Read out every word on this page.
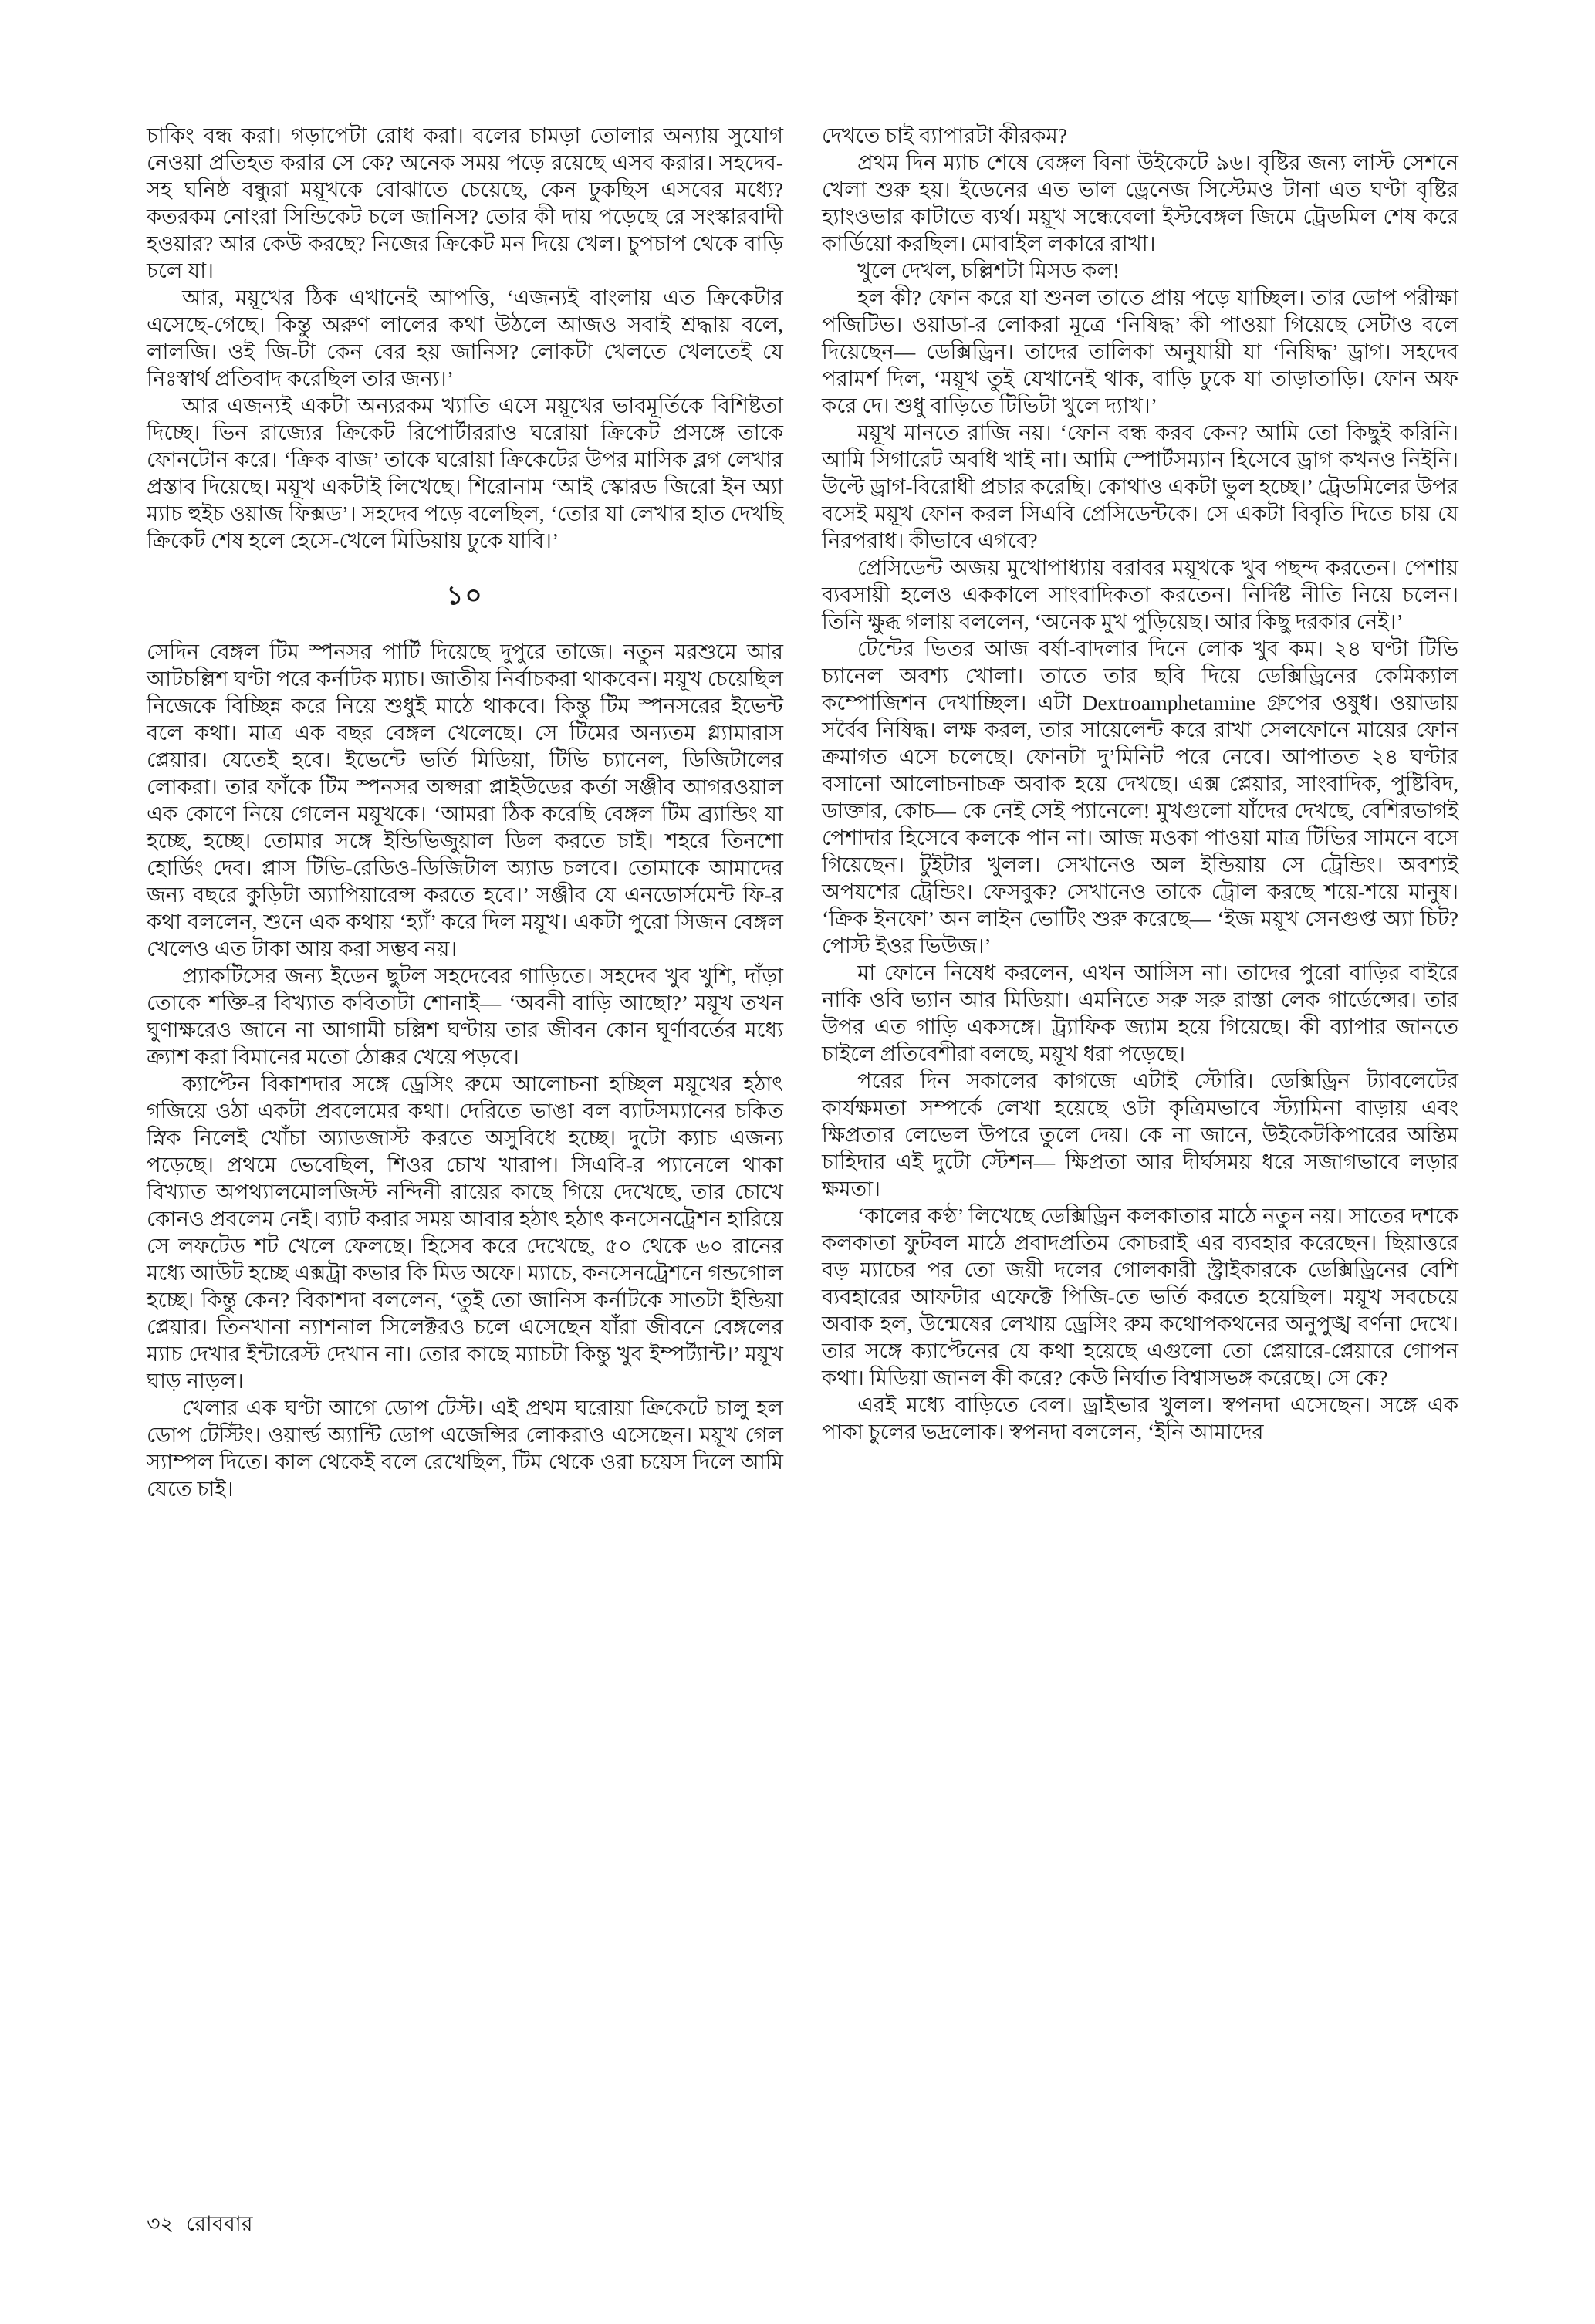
চাকিং বন্ধ করা। গড়াপেটা রোধ করা। বলের চামড়া তোলার অন্যায় সুযোগ নেওয়া প্রতিহত করার সে কে? অনেক সময় পড়ে রয়েছে এসব করার। সহদেব-সহ ঘনিষ্ঠ বন্ধুরা ময়ূখকে বোঝাতে চেয়েছে, কেন ঢুকছিস এসবের মধ্যে? কতরকম নোংরা সিন্ডিকেট চলে জানিস? তোর কী দায় পড়েছে রে সংস্কারবাদী হওয়ার? আর কেউ করছে? নিজের ক্রিকেট মন দিয়ে খেল। চুপচাপ থেকে বাড়ি চলে যা।

আর, ময়ূখের ঠিক এখানেই আপত্তি, ‘এজন্যই বাংলায় এত ক্রিকেটার এসেছে-গেছে। কিন্তু অরুণ লালের কথা উঠলে আজও সবাই শ্রদ্ধায় বলে, লালজি। ওই জি-টা কেন বের হয় জানিস? লোকটা খেলতে খেলতেই যে নিঃস্বার্থ প্রতিবাদ করেছিল তার জন্য।’

আর এজন্যই একটা অন্যরকম খ্যাতি এসে ময়ূখের ভাবমূর্তিকে বিশিষ্টতা দিচ্ছে। ভিন রাজ্যের ক্রিকেট রিপোর্টাররাও ঘরোয়া ক্রিকেট প্রসঙ্গে তাকে ফোনটোন করে। ‘ক্রিক বাজ’ তাকে ঘরোয়া ক্রিকেটের উপর মাসিক ব্লগ লেখার প্রস্তাব দিয়েছে। ময়ূখ একটাই লিখেছে। শিরোনাম ‘আই স্কোরড জিরো ইন অ্যা ম্যাচ হুইচ ওয়াজ ফিক্সড’। সহদেব পড়ে বলেছিল, ‘তোর যা লেখার হাত দেখছি ক্রিকেট শেষ হলে হেসে-খেলে মিডিয়ায় ঢুকে যাবি।’

১০

সেদিন বেঙ্গল টিম স্পনসর পার্টি দিয়েছে দুপুরে তাজে। নতুন মরশুমে আর আটচল্লিশ ঘণ্টা পরে কর্নাটক ম্যাচ। জাতীয় নির্বাচকরা থাকবেন। ময়ূখ চেয়েছিল নিজেকে বিচ্ছিন্ন করে নিয়ে শুধুই মাঠে থাকবে। কিন্তু টিম স্পনসরের ইভেন্ট বলে কথা। মাত্র এক বছর বেঙ্গল খেলেছে। সে টিমের অন্যতম গ্ল্যামারাস প্লেয়ার। যেতেই হবে। ইভেন্টে ভর্তি মিডিয়া, টিভি চ্যানেল, ডিজিটালের লোকরা। তার ফাঁকে টিম স্পনসর অপ্সরা প্লাইউডের কর্তা সঞ্জীব আগরওয়াল এক কোণে নিয়ে গেলেন ময়ূখকে। ‘আমরা ঠিক করেছি বেঙ্গল টিম ব্র্যান্ডিং যা হচ্ছে, হচ্ছে। তোমার সঙ্গে ইন্ডিভিজুয়াল ডিল করতে চাই। শহরে তিনশো হোর্ডিং দেব। প্লাস টিভি-রেডিও-ডিজিটাল অ্যাড চলবে। তোমাকে আমাদের জন্য বছরে কুড়িটা অ্যাপিয়ারেন্স করতে হবে।’ সঞ্জীব যে এনডোর্সমেন্ট ফি-র কথা বললেন, শুনে এক কথায় ‘হ্যাঁ’ করে দিল ময়ূখ। একটা পুরো সিজন বেঙ্গল খেলেও এত টাকা আয় করা সম্ভব নয়।

প্র্যাকটিসের জন্য ইডেন ছুটল সহদেবের গাড়িতে। সহদেব খুব খুশি, দাঁড়া তোকে শক্তি-র বিখ্যাত কবিতাটা শোনাই— ‘অবনী বাড়ি আছো?’ ময়ূখ তখন ঘুণাক্ষরেও জানে না আগামী চল্লিশ ঘণ্টায় তার জীবন কোন ঘূর্ণাবর্তের মধ্যে ক্র্যাশ করা বিমানের মতো ঠোক্কর খেয়ে পড়বে।

ক্যাপ্টেন বিকাশদার সঙ্গে ড্রেসিং রুমে আলোচনা হচ্ছিল ময়ূখের হঠাৎ গজিয়ে ওঠা একটা প্রবলেমের কথা। দেরিতে ভাঙা বল ব্যাটসম্যানের চকিত স্নিক নিলেই খোঁচা অ্যাডজাস্ট করতে অসুবিধে হচ্ছে। দুটো ক্যাচ এজন্য পড়েছে। প্রথমে ভেবেছিল, শিওর চোখ খারাপ। সিএবি-র প্যানেলে থাকা বিখ্যাত অপথ্যালমোলজিস্ট নন্দিনী রায়ের কাছে গিয়ে দেখেছে, তার চোখে কোনও প্রবলেম নেই। ব্যাট করার সময় আবার হঠাৎ হঠাৎ কনসেনট্রেশন হারিয়ে সে লফটেড শট খেলে ফেলছে। হিসেব করে দেখেছে, ৫০ থেকে ৬০ রানের মধ্যে আউট হচ্ছে এক্সট্রা কভার কি মিড অফে। ম্যাচে, কনসেনট্রেশনে গন্ডগোল হচ্ছে। কিন্তু কেন? বিকাশদা বললেন, ‘তুই তো জানিস কর্নাটকে সাতটা ইন্ডিয়া প্লেয়ার। তিনখানা ন্যাশনাল সিলেক্টরও চলে এসেছেন যাঁরা জীবনে বেঙ্গলের ম্যাচ দেখার ইন্টারেস্ট দেখান না। তোর কাছে ম্যাচটা কিন্তু খুব ইম্পর্ট্যান্ট।’ ময়ূখ ঘাড় নাড়ল।

খেলার এক ঘণ্টা আগে ডোপ টেস্ট। এই প্রথম ঘরোয়া ক্রিকেটে চালু হল ডোপ টেস্টিং। ওয়ার্ল্ড অ্যান্টি ডোপ এজেন্সির লোকরাও এসেছেন। ময়ূখ গেল স্যাম্পল দিতে। কাল থেকেই বলে রেখেছিল, টিম থেকে ওরা চয়েস দিলে আমি যেতে চাই।

দেখতে চাই ব্যাপারটা কীরকম?

প্রথম দিন ম্যাচ শেষে বেঙ্গল বিনা উইকেটে ৯৬। বৃষ্টির জন্য লাস্ট সেশনে খেলা শুরু হয়। ইডেনের এত ভাল ড্রেনেজ সিস্টেমও টানা এত ঘণ্টা বৃষ্টির হ্যাংওভার কাটাতে ব্যর্থ। ময়ূখ সন্ধেবেলা ইস্টবেঙ্গল জিমে ট্রেডমিল শেষ করে কার্ডিয়ো করছিল। মোবাইল লকারে রাখা।

খুলে দেখল, চল্লিশটা মিসড কল!

হল কী? ফোন করে যা শুনল তাতে প্রায় পড়ে যাচ্ছিল। তার ডোপ পরীক্ষা পজিটিভ। ওয়াডা-র লোকরা মূত্রে ‘নিষিদ্ধ’ কী পাওয়া গিয়েছে সেটাও বলে দিয়েছেন— ডেক্সিড্রিন। তাদের তালিকা অনুযায়ী যা ‘নিষিদ্ধ’ ড্রাগ। সহদেব পরামর্শ দিল, ‘ময়ূখ তুই যেখানেই থাক, বাড়ি ঢুকে যা তাড়াতাড়ি। ফোন অফ করে দে। শুধু বাড়িতে টিভিটা খুলে দ্যাখ।’

ময়ূখ মানতে রাজি নয়। ‘ফোন বন্ধ করব কেন? আমি তো কিছুই করিনি। আমি সিগারেট অবধি খাই না। আমি স্পোর্টসম্যান হিসেবে ড্রাগ কখনও নিইনি। উল্টে ড্রাগ-বিরোধী প্রচার করেছি। কোথাও একটা ভুল হচ্ছে।’ ট্রেডমিলের উপর বসেই ময়ূখ ফোন করল সিএবি প্রেসিডেন্টকে। সে একটা বিবৃতি দিতে চায় যে নিরপরাধ। কীভাবে এগবে?

প্রেসিডেন্ট অজয় মুখোপাধ্যায় বরাবর ময়ূখকে খুব পছন্দ করতেন। পেশায় ব্যবসায়ী হলেও এককালে সাংবাদিকতা করতেন। নির্দিষ্ট নীতি নিয়ে চলেন। তিনি ক্ষুব্ধ গলায় বললেন, ‘অনেক মুখ পুড়িয়েছ। আর কিছু দরকার নেই।’

টেন্টের ভিতর আজ বর্ষা-বাদলার দিনে লোক খুব কম। ২৪ ঘণ্টা টিভি চ্যানেল অবশ্য খোলা। তাতে তার ছবি দিয়ে ডেক্সিড্রিনের কেমিক্যাল কম্পোজিশন দেখাচ্ছিল। এটা Dextroamphetamine গ্রুপের ওষুধ। ওয়াডায় সর্বৈব নিষিদ্ধ। লক্ষ করল, তার সায়েলেন্ট করে রাখা সেলফোনে মায়ের ফোন ক্রমাগত এসে চলেছে। ফোনটা দু’মিনিট পরে নেবে। আপাতত ২৪ ঘণ্টার বসানো আলোচনাচক্র অবাক হয়ে দেখছে। এক্স প্লেয়ার, সাংবাদিক, পুষ্টিবিদ, ডাক্তার, কোচ— কে নেই সেই প্যানেলে! মুখগুলো যাঁদের দেখছে, বেশিরভাগই পেশাদার হিসেবে কলকে পান না। আজ মওকা পাওয়া মাত্র টিভির সামনে বসে গিয়েছেন। টুইটার খুলল। সেখানেও অল ইন্ডিয়ায় সে ট্রেন্ডিং। অবশ্যই অপযশের ট্রেন্ডিং। ফেসবুক? সেখানেও তাকে ট্রোল করছে শয়ে-শয়ে মানুষ। ‘ক্রিক ইনফো’ অন লাইন ভোটিং শুরু করেছে— ‘ইজ ময়ূখ সেনগুপ্ত অ্যা চিট? পোস্ট ইওর ভিউজ।’

মা ফোনে নিষেধ করলেন, এখন আসিস না। তাদের পুরো বাড়ির বাইরে নাকি ওবি ভ্যান আর মিডিয়া। এমনিতে সরু সরু রাস্তা লেক গার্ডেন্সের। তার উপর এত গাড়ি একসঙ্গে। ট্র্যাফিক জ্যাম হয়ে গিয়েছে। কী ব্যাপার জানতে চাইলে প্রতিবেশীরা বলছে, ময়ূখ ধরা পড়েছে।

পরের দিন সকালের কাগজে এটাই স্টোরি। ডেক্সিড্রিন ট্যাবলেটের কার্যক্ষমতা সম্পর্কে লেখা হয়েছে ওটা কৃত্রিমভাবে স্ট্যামিনা বাড়ায় এবং ক্ষিপ্রতার লেভেল উপরে তুলে দেয়। কে না জানে, উইকেটকিপারের অন্তিম চাহিদার এই দুটো স্টেশন— ক্ষিপ্রতা আর দীর্ঘসময় ধরে সজাগভাবে লড়ার ক্ষমতা।

‘কালের কণ্ঠ’ লিখেছে ডেক্সিড্রিন কলকাতার মাঠে নতুন নয়। সাতের দশকে কলকাতা ফুটবল মাঠে প্রবাদপ্রতিম কোচরাই এর ব্যবহার করেছেন। ছিয়াত্তরে বড় ম্যাচের পর তো জয়ী দলের গোলকারী স্ট্রাইকারকে ডেক্সিড্রিনের বেশি ব্যবহারের আফটার এফেক্টে পিজি-তে ভর্তি করতে হয়েছিল। ময়ূখ সবচেয়ে অবাক হল, উন্মেষের লেখায় ড্রেসিং রুম কথোপকথনের অনুপুঙ্খ বর্ণনা দেখে। তার সঙ্গে ক্যাপ্টেনের যে কথা হয়েছে এগুলো তো প্লেয়ারে-প্লেয়ারে গোপন কথা। মিডিয়া জানল কী করে? কেউ নির্ঘাত বিশ্বাসভঙ্গ করেছে। সে কে?

এরই মধ্যে বাড়িতে বেল। ড্রাইভার খুলল। স্বপনদা এসেছেন। সঙ্গে এক পাকা চুলের ভদ্রলোক। স্বপনদা বললেন, ‘ইনি আমাদের

৩২ রোববার
